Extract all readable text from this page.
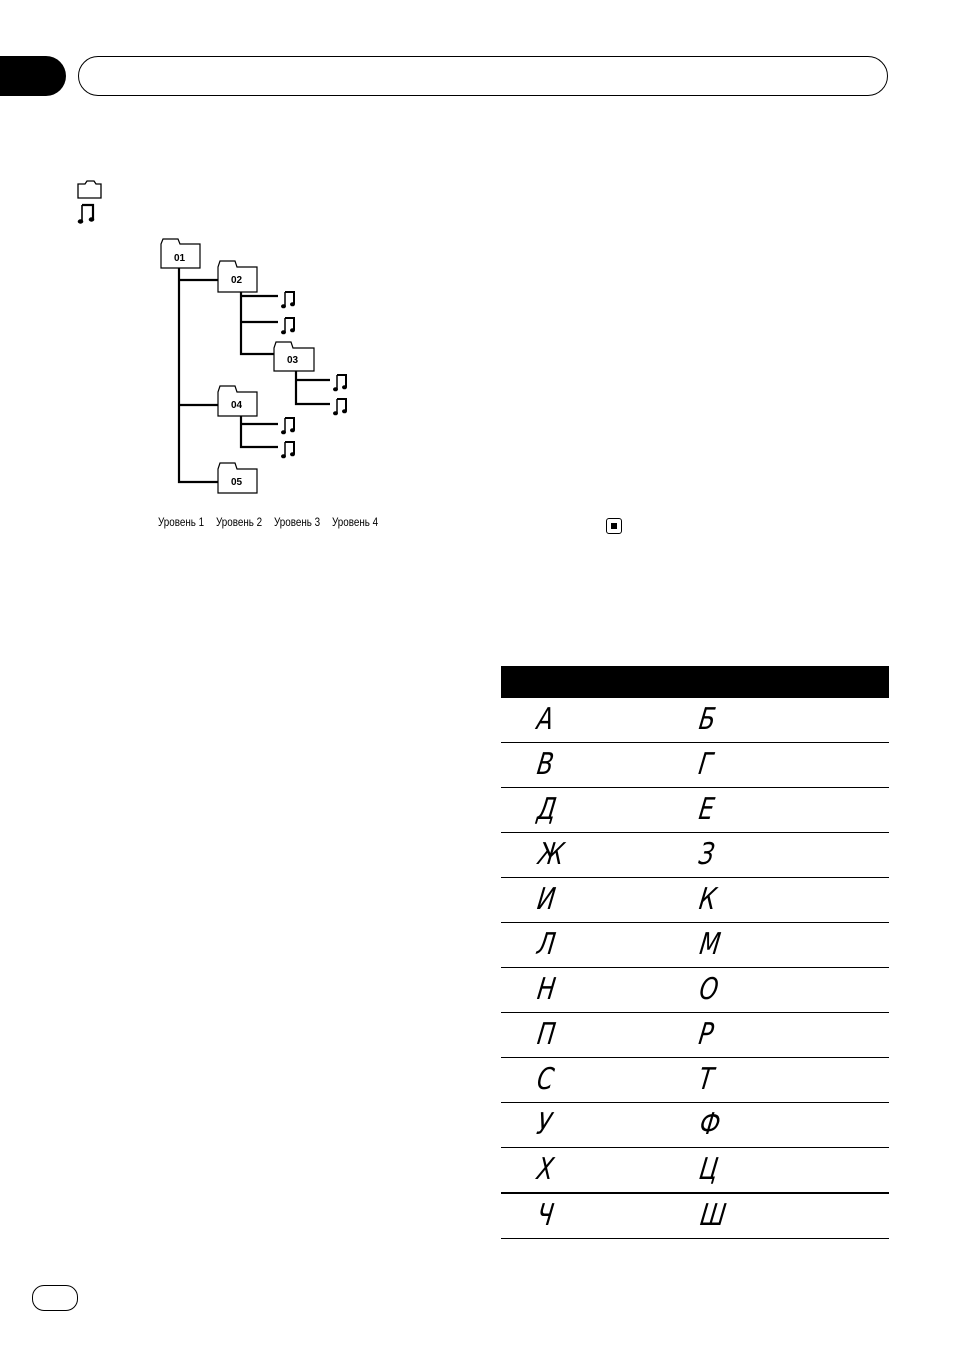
01
02
03
04
05
Уровень 1 Уровень 2 Уровень 3 Уровень 4
А	Б
В	Г
Д	Е
Ж	З
И	К
Л	М
Н	О
П	Р
С	Т
У	Ф
Х	Ц
Ч	Ш
